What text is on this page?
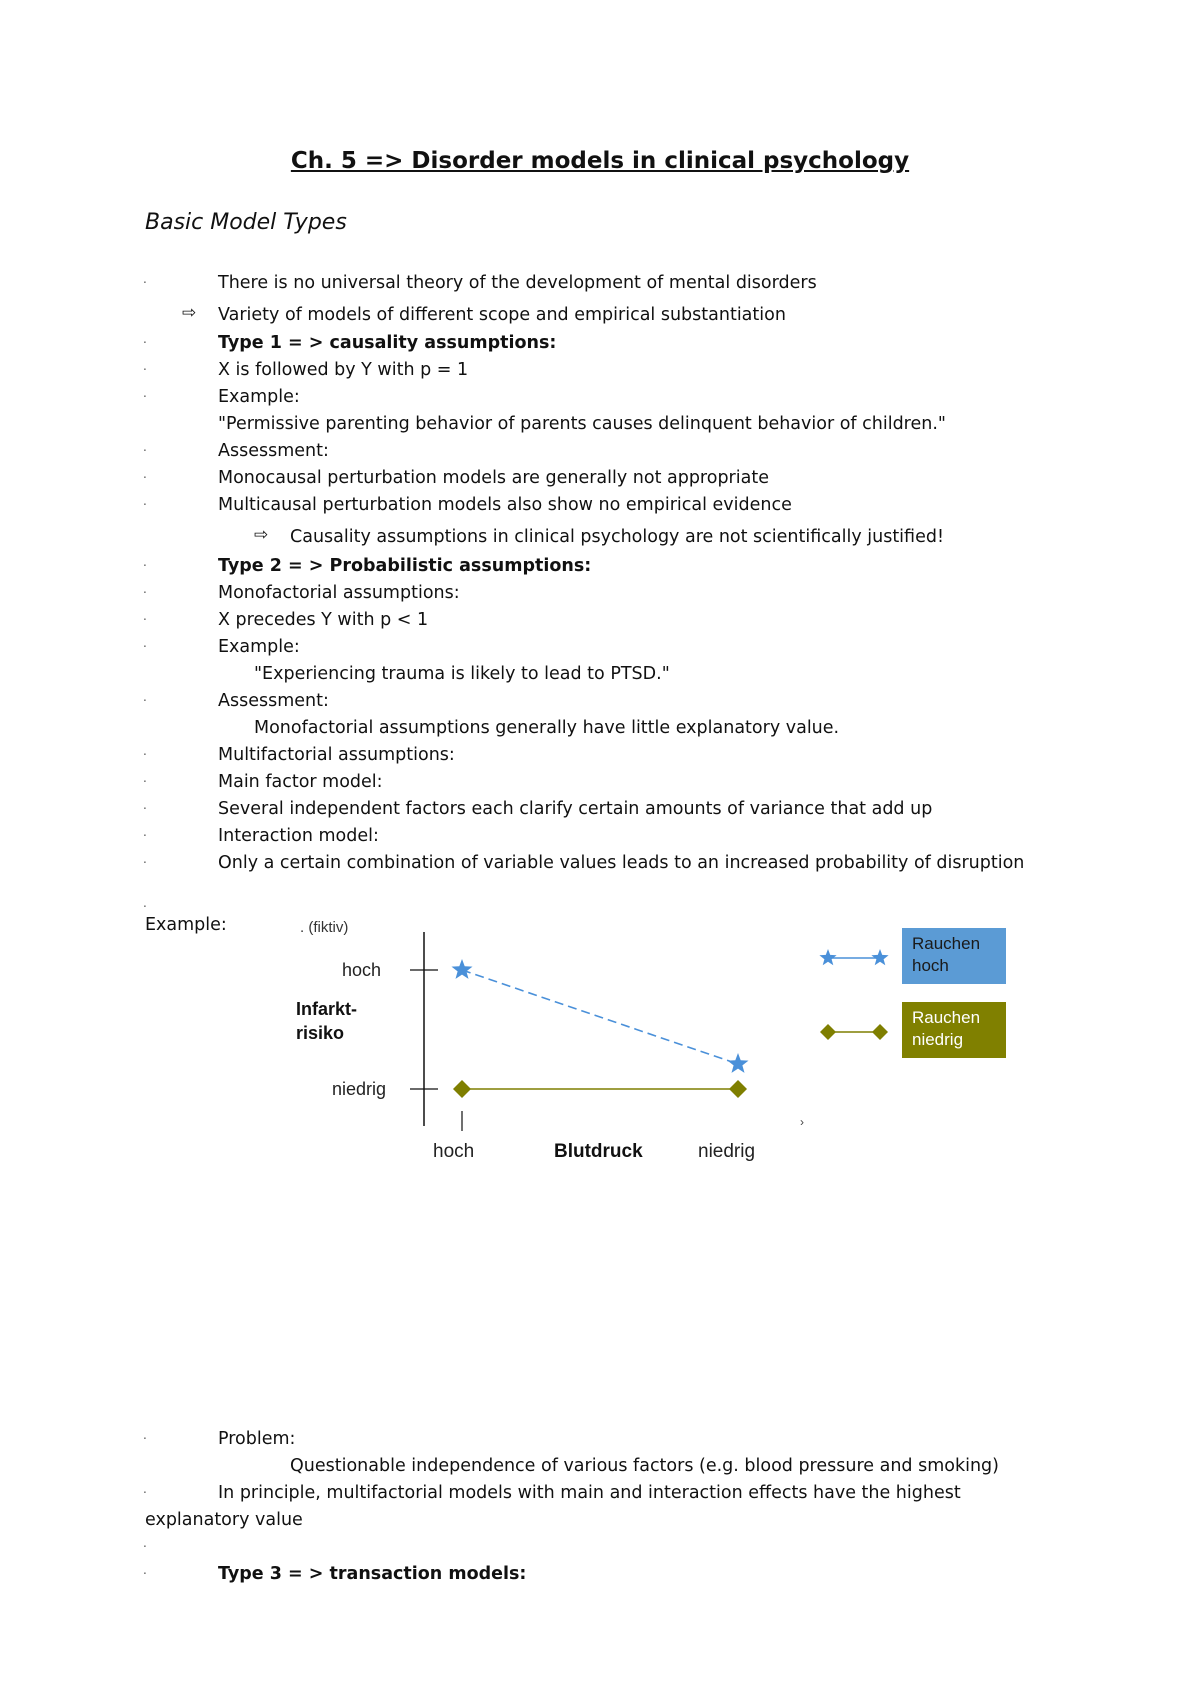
Ch. 5 => Disorder models in clinical psychology
Basic Model Types
.	There is no universal theory of the development of mental disorders
⇨ Variety of models of different scope and empirical substantiation
.	Type 1 = > causality assumptions:
.	X is followed by Y with p = 1
.	Example:
"Permissive parenting behavior of parents causes delinquent behavior of children."
.	Assessment:
.	Monocausal perturbation models are generally not appropriate
.	Multicausal perturbation models also show no empirical evidence
⇨ Causality assumptions in clinical psychology are not scientifically justified!
.	Type 2 = > Probabilistic assumptions:
.	Monofactorial assumptions:
.	X precedes Y with p < 1
.	Example:
"Experiencing trauma is likely to lead to PTSD."
.	Assessment:
Monofactorial assumptions generally have little explanatory value.
.	Multifactorial assumptions:
.	Main factor model:
.	Several independent factors each clarify certain amounts of variance that add up
.	Interaction model:
.	Only a certain combination of variable values leads to an increased probability of disruption
Example:
.
. (fiktiv)
hoch
niedrig
Infarkt-
risiko
hoch	niedrig
Blutdruck
›
Rauchen
hoch
Rauchen
niedrig
.	Problem:
Questionable independence of various factors (e.g. blood pressure and smoking)
.	In principle, multifactorial models with main and interaction effects have the highest
explanatory value
.
.	Type 3 = > transaction models:
